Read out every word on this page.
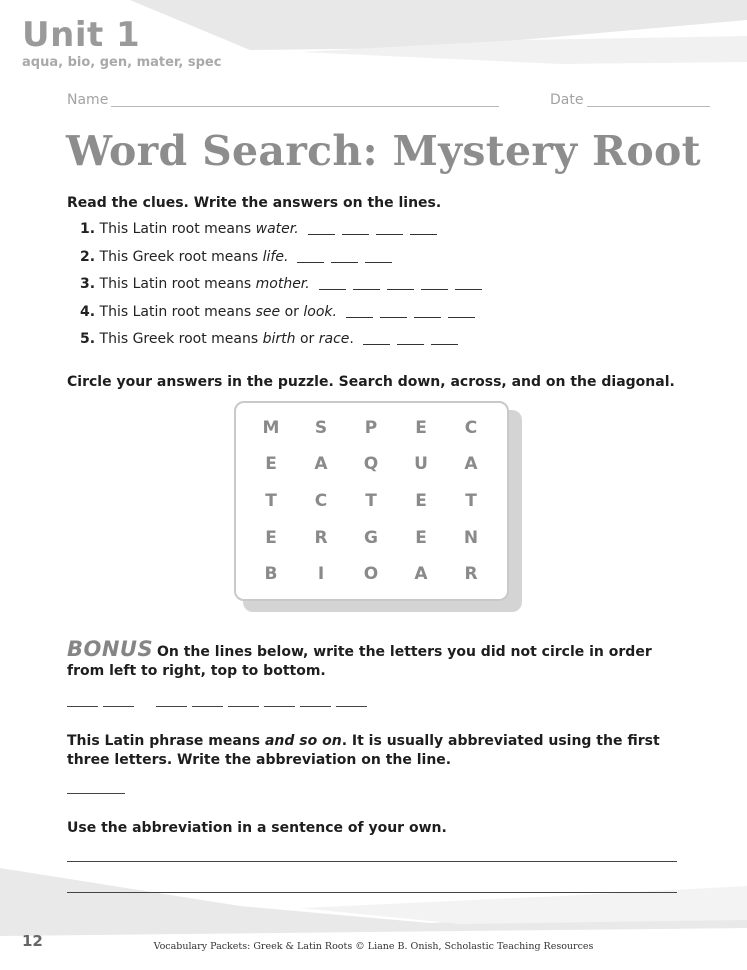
Unit 1
aqua, bio, gen, mater, spec
Name	Date
Word Search: Mystery Root
Read the clues. Write the answers on the lines.
1. This Latin root means water.
2. This Greek root means life.
3. This Latin root means mother.
4. This Latin root means see or look.
5. This Greek root means birth or race.
Circle your answers in the puzzle. Search down, across, and on the diagonal.
M	S	P	E	C
E	A	Q	U	A
T	C	T	E	T
E	R	G	E	N
B	I	O	A	R
BONUS On the lines below, write the letters you did not circle in order from left to right, top to bottom.
This Latin phrase means and so on. It is usually abbreviated using the first three letters. Write the abbreviation on the line.
Use the abbreviation in a sentence of your own.
12	Vocabulary Packets: Greek & Latin Roots © Liane B. Onish, Scholastic Teaching Resources
